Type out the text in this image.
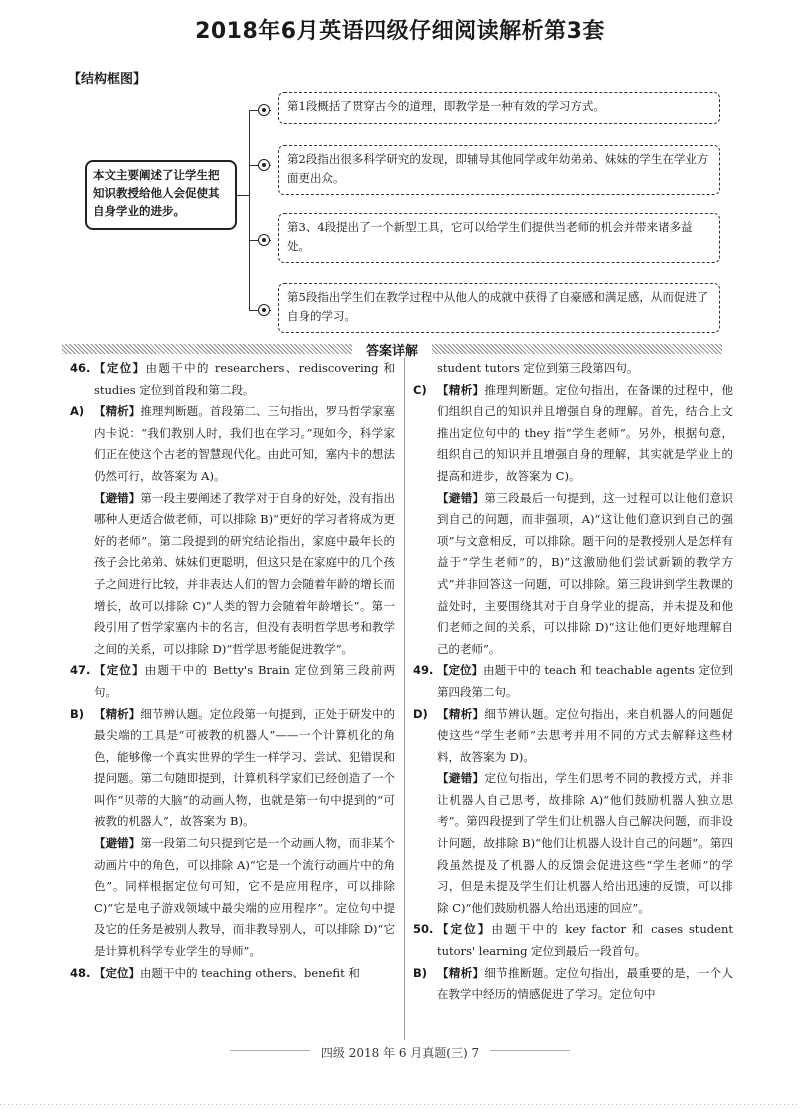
2018年6月英语四级仔细阅读解析第3套
【结构框图】
本文主要阐述了让学生把知识教授给他人会促使其自身学业的进步。
第1段概括了贯穿古今的道理，即教学是一种有效的学习方式。
第2段指出很多科学研究的发现，即辅导其他同学或年幼弟弟、妹妹的学生在学业方面更出众。
第3、4段提出了一个新型工具，它可以给学生们提供当老师的机会并带来诸多益处。
第5段指出学生们在教学过程中从他人的成就中获得了自豪感和满足感，从而促进了自身的学习。
答案详解
46. 【定位】由题干中的 researchers、rediscovering 和 studies 定位到首段和第二段。
A) 【精析】推理判断题。首段第二、三句指出，罗马哲学家塞内卡说：“我们教别人时，我们也在学习。”现如今，科学家们正在使这个古老的智慧现代化。由此可知，塞内卡的想法仍然可行，故答案为 A)。
【避错】第一段主要阐述了教学对于自身的好处，没有指出哪种人更适合做老师，可以排除 B)“更好的学习者将成为更好的老师”。第二段提到的研究结论指出，家庭中最年长的孩子会比弟弟、妹妹们更聪明，但这只是在家庭中的几个孩子之间进行比较，并非表达人们的智力会随着年龄的增长而增长，故可以排除 C)“人类的智力会随着年龄增长”。第一段引用了哲学家塞内卡的名言，但没有表明哲学思考和教学之间的关系，可以排除 D)“哲学思考能促进教学”。
47. 【定位】由题干中的 Betty's Brain 定位到第三段前两句。
B) 【精析】细节辨认题。定位段第一句提到，正处于研发中的最尖端的工具是“可被教的机器人”——一个计算机化的角色，能够像一个真实世界的学生一样学习、尝试、犯错误和提问题。第二句随即提到，计算机科学家们已经创造了一个叫作“贝蒂的大脑”的动画人物，也就是第一句中提到的“可被教的机器人”，故答案为 B)。
【避错】第一段第二句只提到它是一个动画人物，而非某个动画片中的角色，可以排除 A)“它是一个流行动画片中的角色”。同样根据定位句可知，它不是应用程序，可以排除 C)“它是电子游戏领域中最尖端的应用程序”。定位句中提及它的任务是被别人教导，而非教导别人，可以排除 D)“它是计算机科学专业学生的导师”。
48. 【定位】由题干中的 teaching others、benefit 和
student tutors 定位到第三段第四句。
C) 【精析】推理判断题。定位句指出，在备课的过程中，他们组织自己的知识并且增强自身的理解。首先，结合上文推出定位句中的 they 指“学生老师”。另外，根据句意，组织自己的知识并且增强自身的理解，其实就是学业上的提高和进步，故答案为 C)。
【避错】第三段最后一句提到，这一过程可以让他们意识到自己的问题，而非强项，A)“这让他们意识到自己的强项”与文意相反，可以排除。题干问的是教授别人是怎样有益于“学生老师”的，B)“这激励他们尝试新颖的教学方式”并非回答这一问题，可以排除。第三段讲到学生教课的益处时，主要围绕其对于自身学业的提高，并未提及和他们老师之间的关系，可以排除 D)“这让他们更好地理解自己的老师”。
49. 【定位】由题干中的 teach 和 teachable agents 定位到第四段第二句。
D) 【精析】细节辨认题。定位句指出，来自机器人的问题促使这些“学生老师”去思考并用不同的方式去解释这些材料，故答案为 D)。
【避错】定位句指出，学生们思考不同的教授方式，并非让机器人自己思考，故排除 A)“他们鼓励机器人独立思考”。第四段提到了学生们让机器人自己解决问题，而非设计问题，故排除 B)“他们让机器人设计自己的问题”。第四段虽然提及了机器人的反馈会促进这些“学生老师”的学习，但是未提及学生们让机器人给出迅速的反馈，可以排除 C)“他们鼓励机器人给出迅速的回应”。
50. 【定位】由题干中的 key factor 和 cases student tutors' learning 定位到最后一段首句。
B) 【精析】细节推断题。定位句指出，最重要的是，一个人在教学中经历的情感促进了学习。定位句中
四级 2018 年 6 月真题(三) 7
